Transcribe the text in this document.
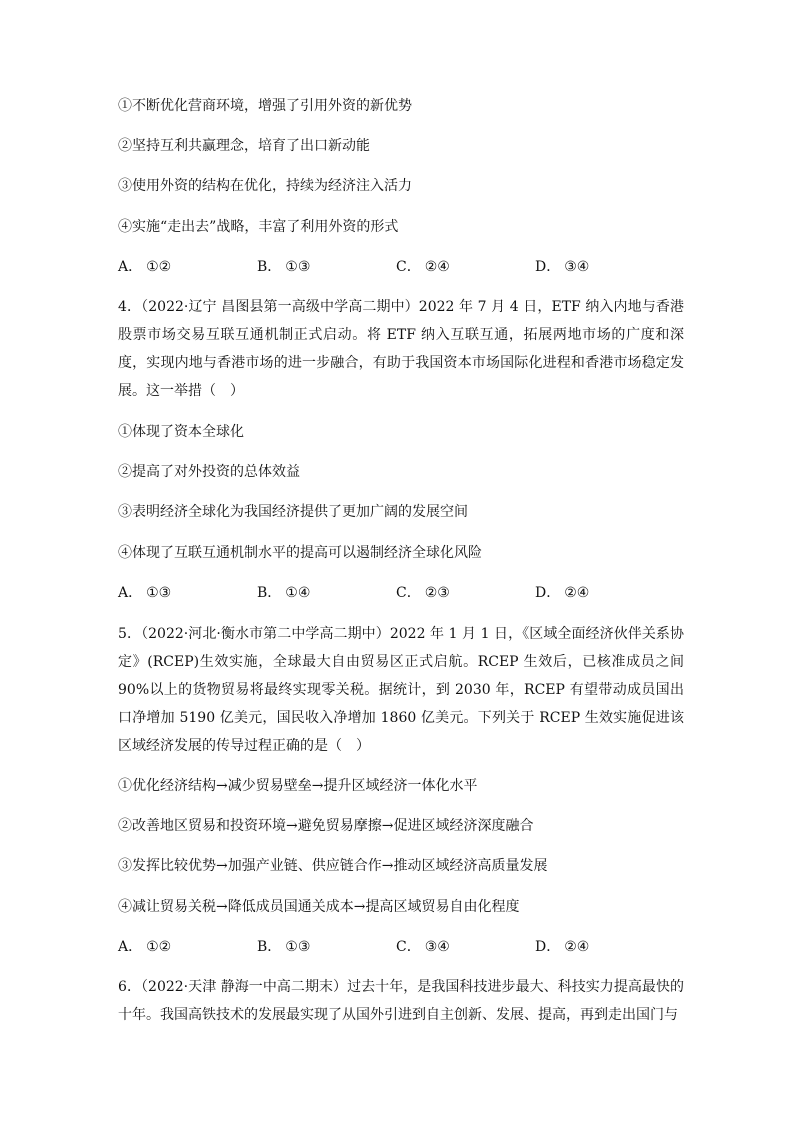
①不断优化营商环境，增强了引用外资的新优势
②坚持互利共赢理念，培育了出口新动能
③使用外资的结构在优化，持续为经济注入活力
④实施“走出去”战略，丰富了利用外资的形式
A． ①②	B． ①③	C． ②④	D． ③④
4．（2022·辽宁 昌图县第一高级中学高二期中）2022 年 7 月 4 日，ETF 纳入内地与香港股票市场交易互联互通机制正式启动。将 ETF 纳入互联互通，拓展两地市场的广度和深度，实现内地与香港市场的进一步融合，有助于我国资本市场国际化进程和香港市场稳定发展。这一举措（　）
①体现了资本全球化
②提高了对外投资的总体效益
③表明经济全球化为我国经济提供了更加广阔的发展空间
④体现了互联互通机制水平的提高可以遏制经济全球化风险
A． ①③	B． ①④	C． ②③	D． ②④
5．（2022·河北·衡水市第二中学高二期中）2022 年 1 月 1 日，《区域全面经济伙伴关系协定》(RCEP)生效实施，全球最大自由贸易区正式启航。RCEP 生效后，已核准成员之间 90%以上的货物贸易将最终实现零关税。据统计，到 2030 年，RCEP 有望带动成员国出口净增加 5190 亿美元，国民收入净增加 1860 亿美元。下列关于 RCEP 生效实施促进该区域经济发展的传导过程正确的是（　）
①优化经济结构→减少贸易壁垒→提升区域经济一体化水平
②改善地区贸易和投资环境→避免贸易摩擦→促进区域经济深度融合
③发挥比较优势→加强产业链、供应链合作→推动区域经济高质量发展
④减让贸易关税→降低成员国通关成本→提高区域贸易自由化程度
A． ①②	B． ①③	C． ③④	D． ②④
6．（2022·天津 静海一中高二期末）过去十年，是我国科技进步最大、科技实力提高最快的十年。我国高铁技术的发展最实现了从国外引进到自主创新、发展、提高，再到走出国门与
